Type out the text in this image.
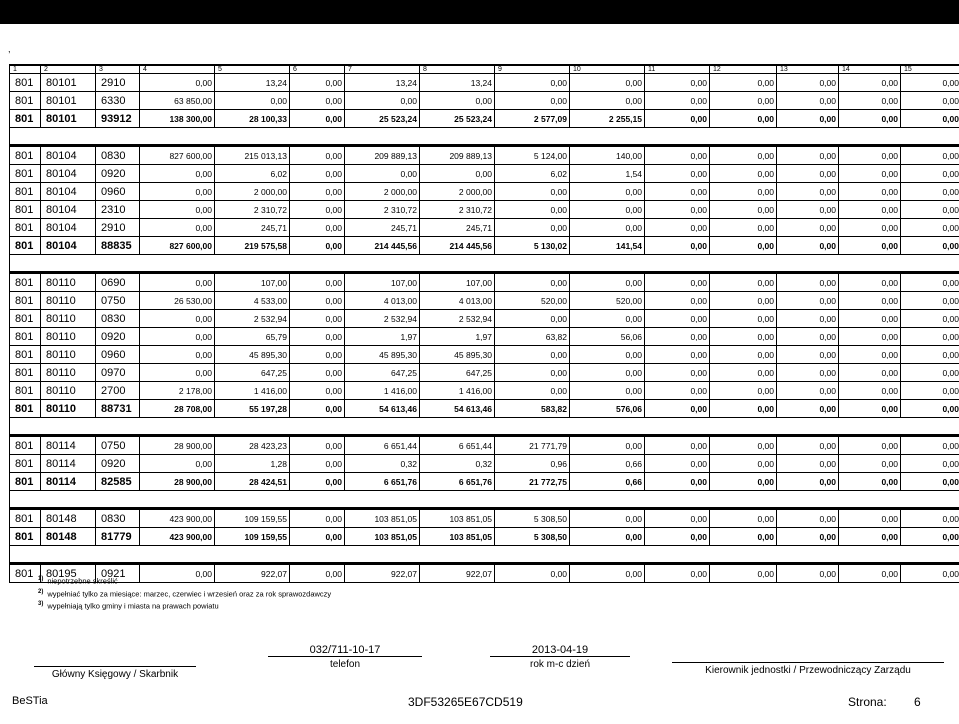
,
1	2	3	4	5	6	7	8	9	10	11	12	13	14	15
801	80101	2910	0,00	13,24	0,00	13,24	13,24	0,00	0,00	0,00	0,00	0,00	0,00	0,00
801	80101	6330	63 850,00	0,00	0,00	0,00	0,00	0,00	0,00	0,00	0,00	0,00	0,00	0,00
801	80101	93912	138 300,00	28 100,33	0,00	25 523,24	25 523,24	2 577,09	2 255,15	0,00	0,00	0,00	0,00	0,00

801	80104	0830	827 600,00	215 013,13	0,00	209 889,13	209 889,13	5 124,00	140,00	0,00	0,00	0,00	0,00	0,00
801	80104	0920	0,00	6,02	0,00	0,00	0,00	6,02	1,54	0,00	0,00	0,00	0,00	0,00
801	80104	0960	0,00	2 000,00	0,00	2 000,00	2 000,00	0,00	0,00	0,00	0,00	0,00	0,00	0,00
801	80104	2310	0,00	2 310,72	0,00	2 310,72	2 310,72	0,00	0,00	0,00	0,00	0,00	0,00	0,00
801	80104	2910	0,00	245,71	0,00	245,71	245,71	0,00	0,00	0,00	0,00	0,00	0,00	0,00
801	80104	88835	827 600,00	219 575,58	0,00	214 445,56	214 445,56	5 130,02	141,54	0,00	0,00	0,00	0,00	0,00

801	80110	0690	0,00	107,00	0,00	107,00	107,00	0,00	0,00	0,00	0,00	0,00	0,00	0,00
801	80110	0750	26 530,00	4 533,00	0,00	4 013,00	4 013,00	520,00	520,00	0,00	0,00	0,00	0,00	0,00
801	80110	0830	0,00	2 532,94	0,00	2 532,94	2 532,94	0,00	0,00	0,00	0,00	0,00	0,00	0,00
801	80110	0920	0,00	65,79	0,00	1,97	1,97	63,82	56,06	0,00	0,00	0,00	0,00	0,00
801	80110	0960	0,00	45 895,30	0,00	45 895,30	45 895,30	0,00	0,00	0,00	0,00	0,00	0,00	0,00
801	80110	0970	0,00	647,25	0,00	647,25	647,25	0,00	0,00	0,00	0,00	0,00	0,00	0,00
801	80110	2700	2 178,00	1 416,00	0,00	1 416,00	1 416,00	0,00	0,00	0,00	0,00	0,00	0,00	0,00
801	80110	88731	28 708,00	55 197,28	0,00	54 613,46	54 613,46	583,82	576,06	0,00	0,00	0,00	0,00	0,00

801	80114	0750	28 900,00	28 423,23	0,00	6 651,44	6 651,44	21 771,79	0,00	0,00	0,00	0,00	0,00	0,00
801	80114	0920	0,00	1,28	0,00	0,32	0,32	0,96	0,66	0,00	0,00	0,00	0,00	0,00
801	80114	82585	28 900,00	28 424,51	0,00	6 651,76	6 651,76	21 772,75	0,66	0,00	0,00	0,00	0,00	0,00

801	80148	0830	423 900,00	109 159,55	0,00	103 851,05	103 851,05	5 308,50	0,00	0,00	0,00	0,00	0,00	0,00
801	80148	81779	423 900,00	109 159,55	0,00	103 851,05	103 851,05	5 308,50	0,00	0,00	0,00	0,00	0,00	0,00

801	80195	0921	0,00	922,07	0,00	922,07	922,07	0,00	0,00	0,00	0,00	0,00	0,00	0,00
$^{1)}$ niepotrzebne skreślić
$^{2)}$ wypełniać tylko za miesiące: marzec, czerwiec i wrzesień oraz za rok sprawozdawczy
$^{3)}$ wypełniają tylko gminy i miasta na prawach powiatu

Główny Księgowy / Skarbnik
032/711-10-17
telefon
2013-04-19
rok m-c dzień

Kierownik jednostki / Przewodniczący Zarządu
BeSTia	3DF53265E67CD519	Strona: 6
